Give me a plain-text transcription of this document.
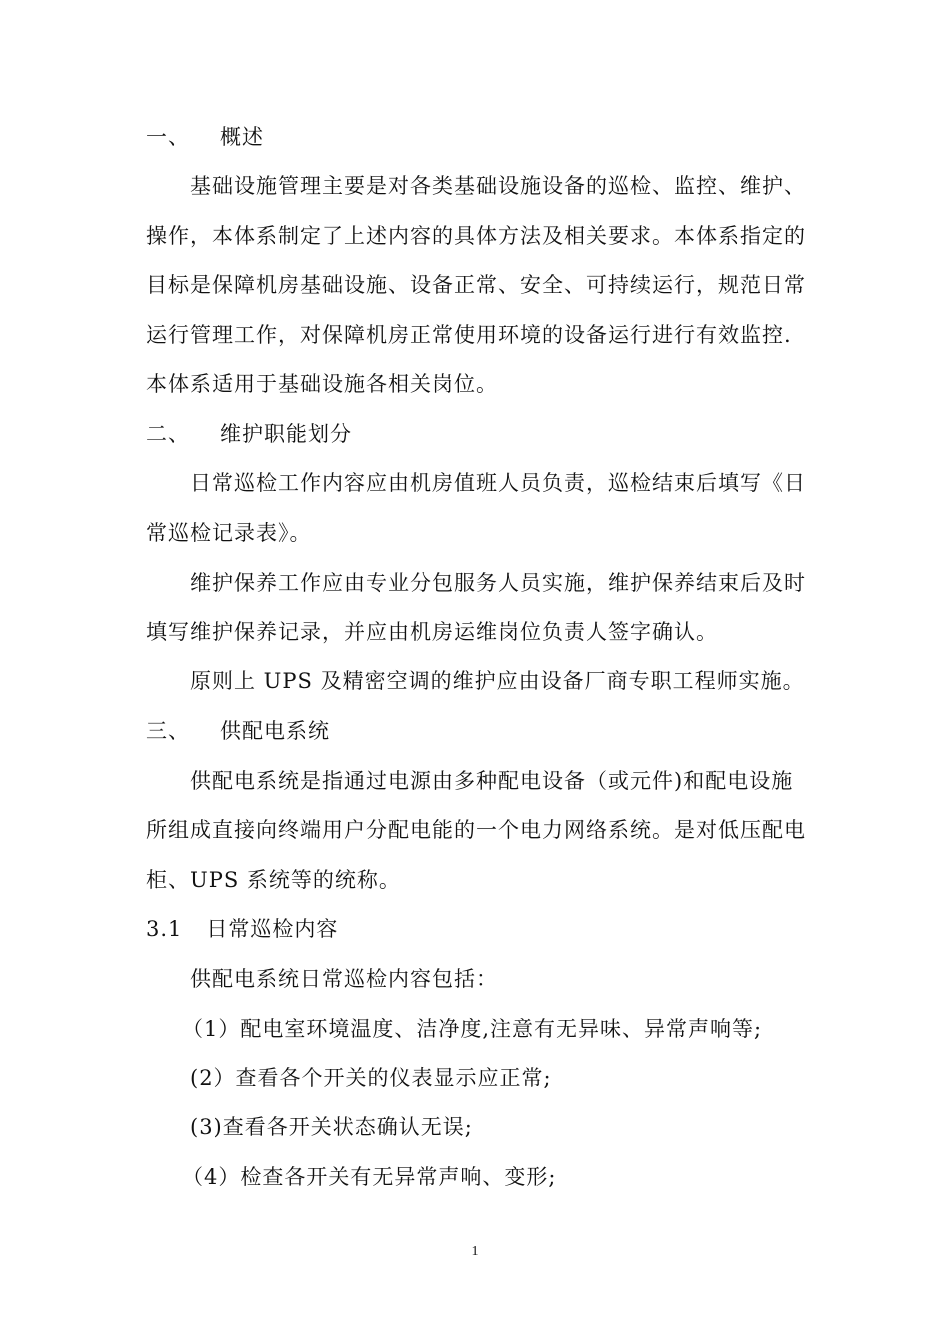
一、 概述
基础设施管理主要是对各类基础设施设备的巡检、监控、维护、
操作，本体系制定了上述内容的具体方法及相关要求。本体系指定的
目标是保障机房基础设施、设备正常、安全、可持续运行，规范日常
运行管理工作，对保障机房正常使用环境的设备运行进行有效监控.
本体系适用于基础设施各相关岗位。
二、 维护职能划分
日常巡检工作内容应由机房值班人员负责，巡检结束后填写《日
常巡检记录表》。
维护保养工作应由专业分包服务人员实施，维护保养结束后及时
填写维护保养记录，并应由机房运维岗位负责人签字确认。
原则上 UPS 及精密空调的维护应由设备厂商专职工程师实施。
三、 供配电系统
供配电系统是指通过电源由多种配电设备（或元件)和配电设施
所组成直接向终端用户分配电能的一个电力网络系统。是对低压配电
柜、UPS 系统等的统称。
3.1 日常巡检内容
供配电系统日常巡检内容包括：
（1）配电室环境温度、洁净度,注意有无异味、异常声响等;
(2）查看各个开关的仪表显示应正常;
(3)查看各开关状态确认无误;
（4）检查各开关有无异常声响、变形;
1
